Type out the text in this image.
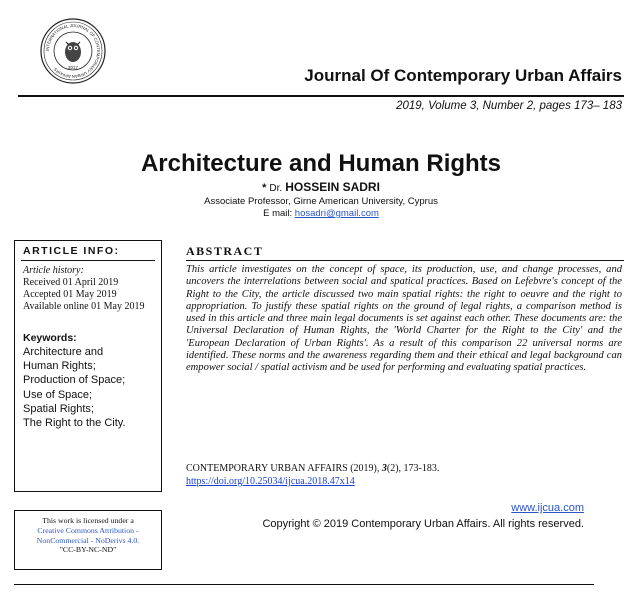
INTERNATIONAL JOURNAL OF CONTEMPORARY URBAN AFFAIRS	2017	Journal Of Contemporary Urban Affairs
2019, Volume 3, Number 2, pages 173– 183
Architecture and Human Rights
* Dr. HOSSEIN SADRI
Associate Professor, Girne American University, Cyprus
E mail: hosadri@gmail.com
ARTICLE INFO:
Article history:
Received 01 April 2019
Accepted 01 May 2019
Available online 01 May 2019
Keywords:
Architecture and
Human Rights;
Production of Space;
Use of Space;
Spatial Rights;
The Right to the City.
ABSTRACT
This article investigates on the concept of space, its production, use, and change processes, and uncovers the interrelations between social and spatical practices. Based on Lefebvre's concept of the Right to the City, the article discussed two main spatial rights: the right to oeuvre and the right to appropriation. To justify these spatial rights on the ground of legal rights, a comparison method is used in this article and three main legal documents is set against each other. These documents are: the Universal Declaration of Human Rights, the 'World Charter for the Right to the City' and the 'European Declaration of Urban Rights'. As a result of this comparison 22 universal norms are identified. These norms and the awareness regarding them and their ethical and legal background can empower social / spatial activism and be used for performing and evaluating spatial practices.
CONTEMPORARY URBAN AFFAIRS (2019), 3(2), 173-183.
https://doi.org/10.25034/ijcua.2018.47x14
www.ijcua.com
Copyright © 2019 Contemporary Urban Affairs. All rights reserved.
This work is licensed under a
Creative Commons Attribution - NonCommercial - NoDerivs 4.0.
"CC-BY-NC-ND"
